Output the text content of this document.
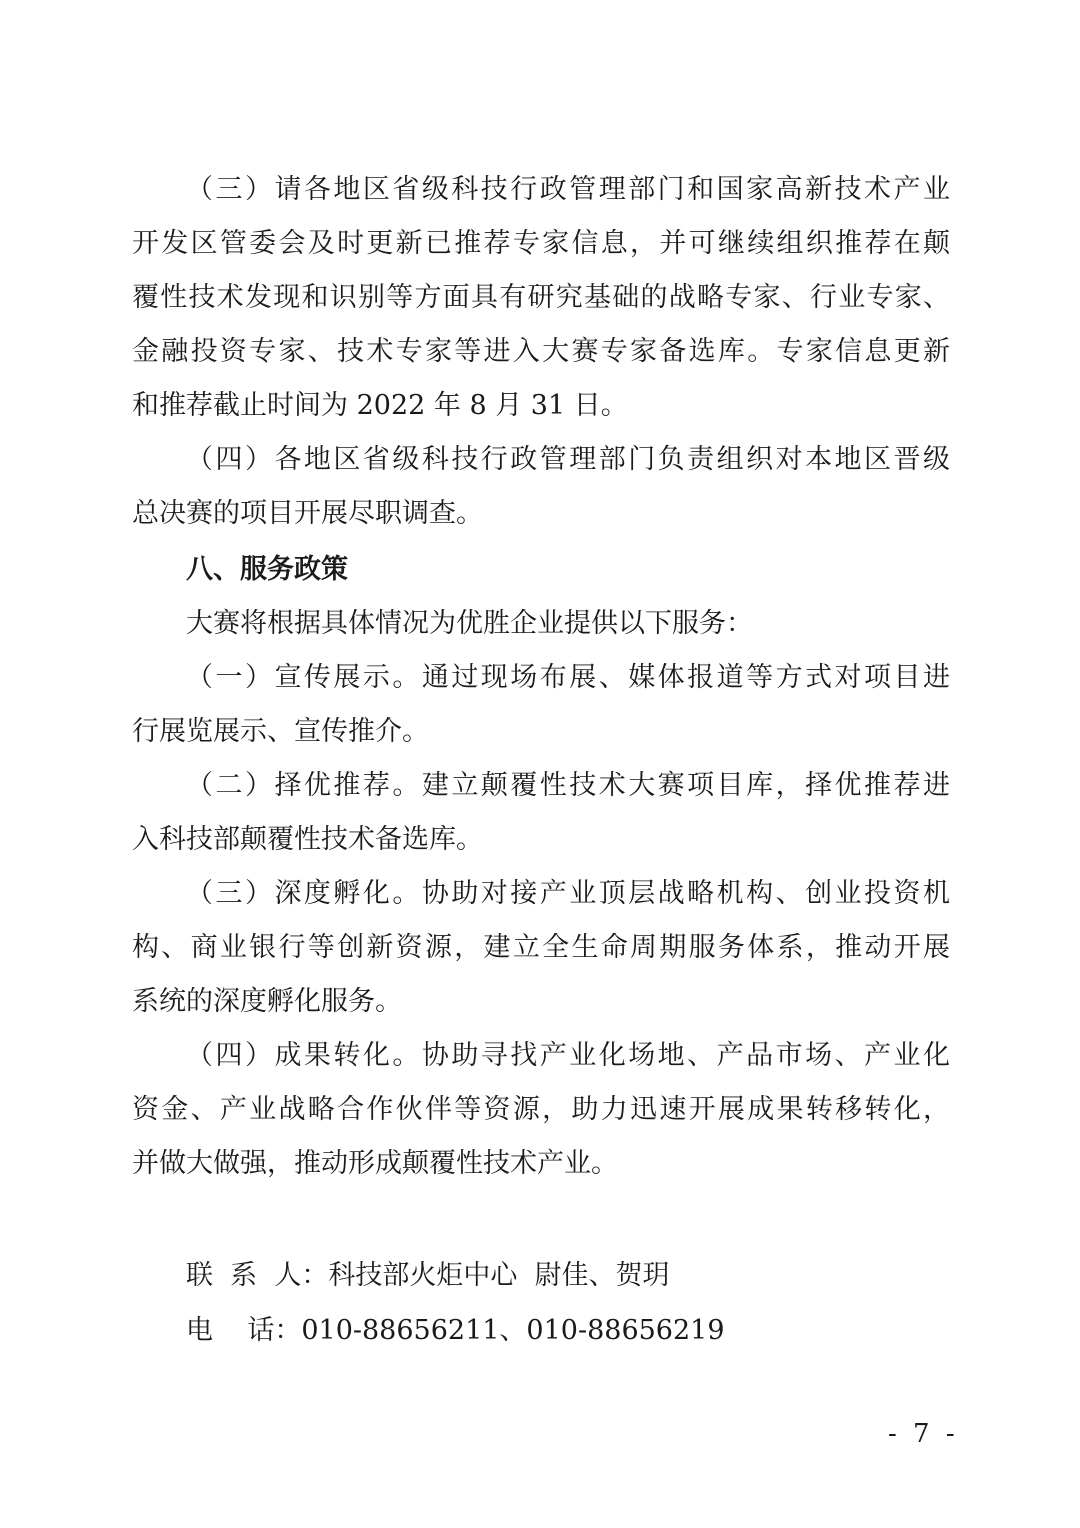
（三）请各地区省级科技行政管理部门和国家高新技术产业
开发区管委会及时更新已推荐专家信息，并可继续组织推荐在颠
覆性技术发现和识别等方面具有研究基础的战略专家、行业专家、
金融投资专家、技术专家等进入大赛专家备选库。专家信息更新
和推荐截止时间为 2022 年 8 月 31 日。
（四）各地区省级科技行政管理部门负责组织对本地区晋级
总决赛的项目开展尽职调查。
八、服务政策
大赛将根据具体情况为优胜企业提供以下服务：
（一）宣传展示。通过现场布展、媒体报道等方式对项目进
行展览展示、宣传推介。
（二）择优推荐。建立颠覆性技术大赛项目库，择优推荐进
入科技部颠覆性技术备选库。
（三）深度孵化。协助对接产业顶层战略机构、创业投资机
构、商业银行等创新资源，建立全生命周期服务体系，推动开展
系统的深度孵化服务。
（四）成果转化。协助寻找产业化场地、产品市场、产业化
资金、产业战略合作伙伴等资源，助力迅速开展成果转移转化，
并做大做强，推动形成颠覆性技术产业。
联  系  人：科技部火炬中心  尉佳、贺玥
电    话：010-88656211、010-88656219
- 7 -
